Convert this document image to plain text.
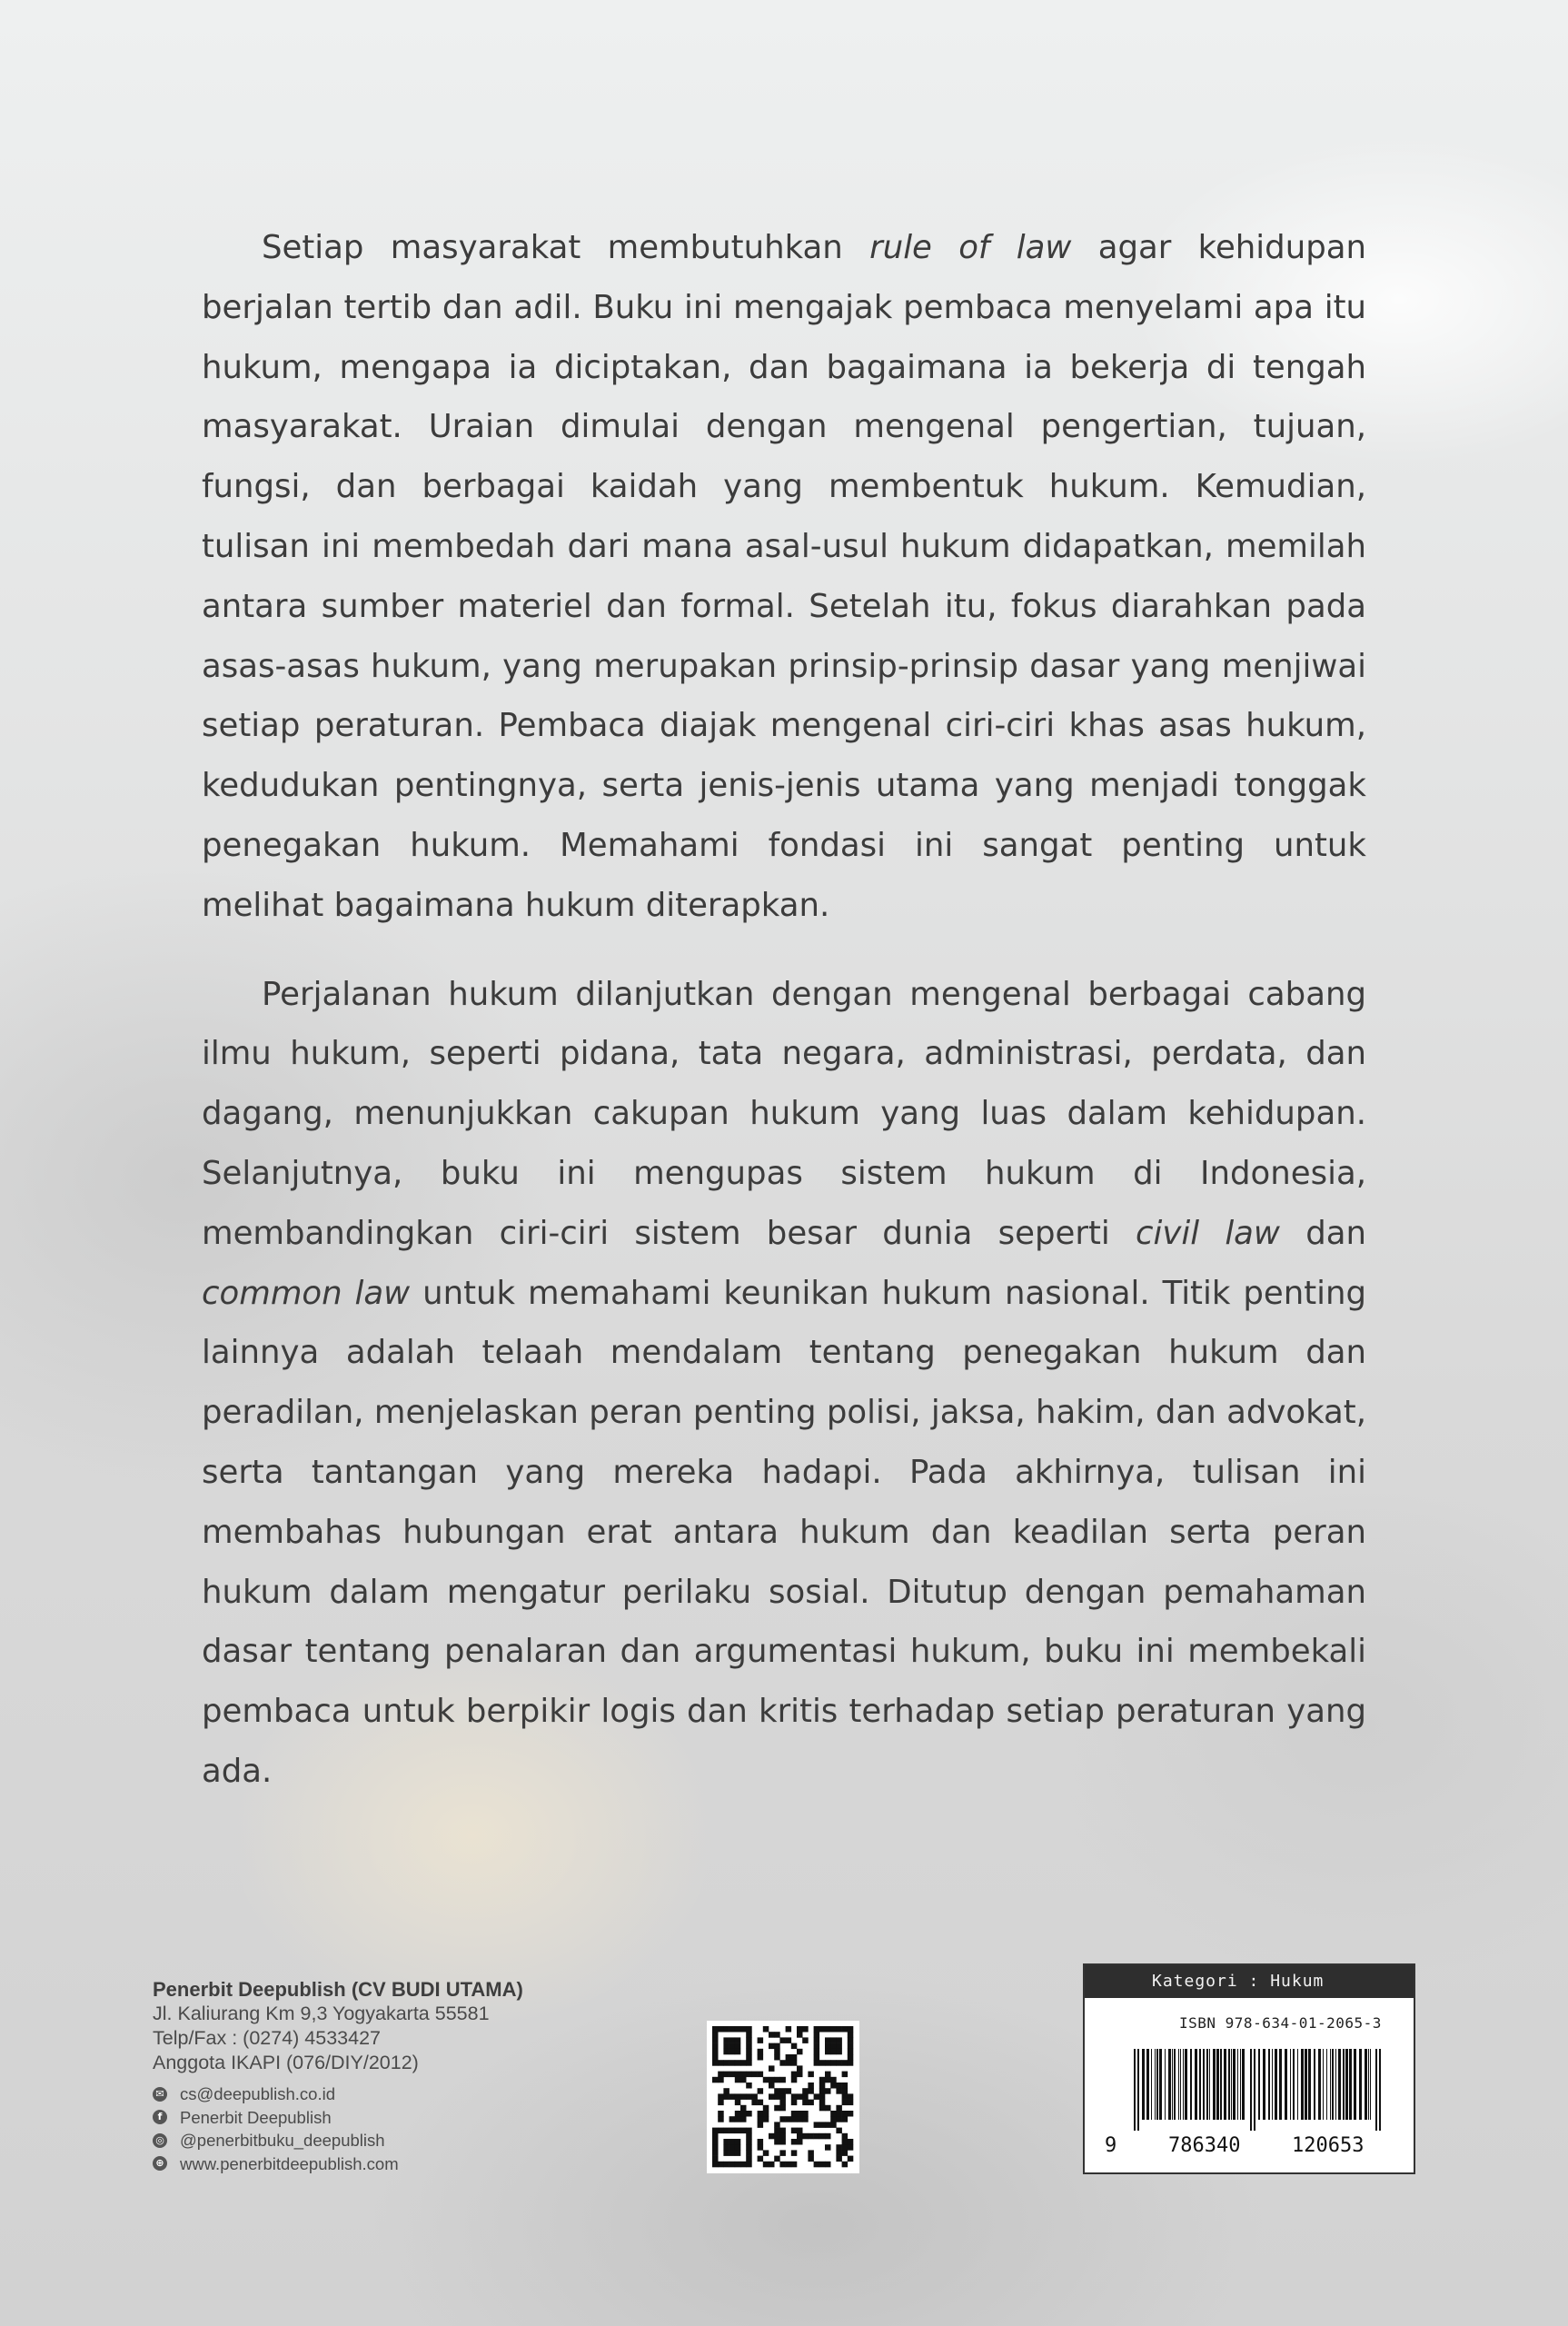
Setiap masyarakat membutuhkan rule of law agar kehidupan berjalan tertib dan adil. Buku ini mengajak pembaca menyelami apa itu hukum, mengapa ia diciptakan, dan bagaimana ia bekerja di tengah masyarakat. Uraian dimulai dengan mengenal pengertian, tujuan, fungsi, dan berbagai kaidah yang membentuk hukum. Kemudian, tulisan ini membedah dari mana asal-usul hukum didapatkan, memilah antara sumber materiel dan formal. Setelah itu, fokus diarahkan pada asas-asas hukum, yang merupakan prinsip-prinsip dasar yang menjiwai setiap peraturan. Pembaca diajak mengenal ciri-ciri khas asas hukum, kedudukan pentingnya, serta jenis-jenis utama yang menjadi tonggak penegakan hukum. Memahami fondasi ini sangat penting untuk melihat bagaimana hukum diterapkan.

Perjalanan hukum dilanjutkan dengan mengenal berbagai cabang ilmu hukum, seperti pidana, tata negara, administrasi, perdata, dan dagang, menunjukkan cakupan hukum yang luas dalam kehidupan. Selanjutnya, buku ini mengupas sistem hukum di Indonesia, membandingkan ciri-ciri sistem besar dunia seperti civil law dan common law untuk memahami keunikan hukum nasional. Titik penting lainnya adalah telaah mendalam tentang penegakan hukum dan peradilan, menjelaskan peran penting polisi, jaksa, hakim, dan advokat, serta tantangan yang mereka hadapi. Pada akhirnya, tulisan ini membahas hubungan erat antara hukum dan keadilan serta peran hukum dalam mengatur perilaku sosial. Ditutup dengan pemahaman dasar tentang penalaran dan argumentasi hukum, buku ini membekali pembaca untuk berpikir logis dan kritis terhadap setiap peraturan yang ada.

Penerbit Deepublish (CV BUDI UTAMA)
Jl. Kaliurang Km 9,3 Yogyakarta 55581
Telp/Fax : (0274) 4533427
Anggota IKAPI (076/DIY/2012)
✉ cs@deepublish.co.id
f	Penerbit Deepublish
◎ @penerbitbuku_deepublish
⊕ www.penerbitdeepublish.com
Kategori : Hukum
ISBN 978-634-01-2065-3
9	786340	120653
